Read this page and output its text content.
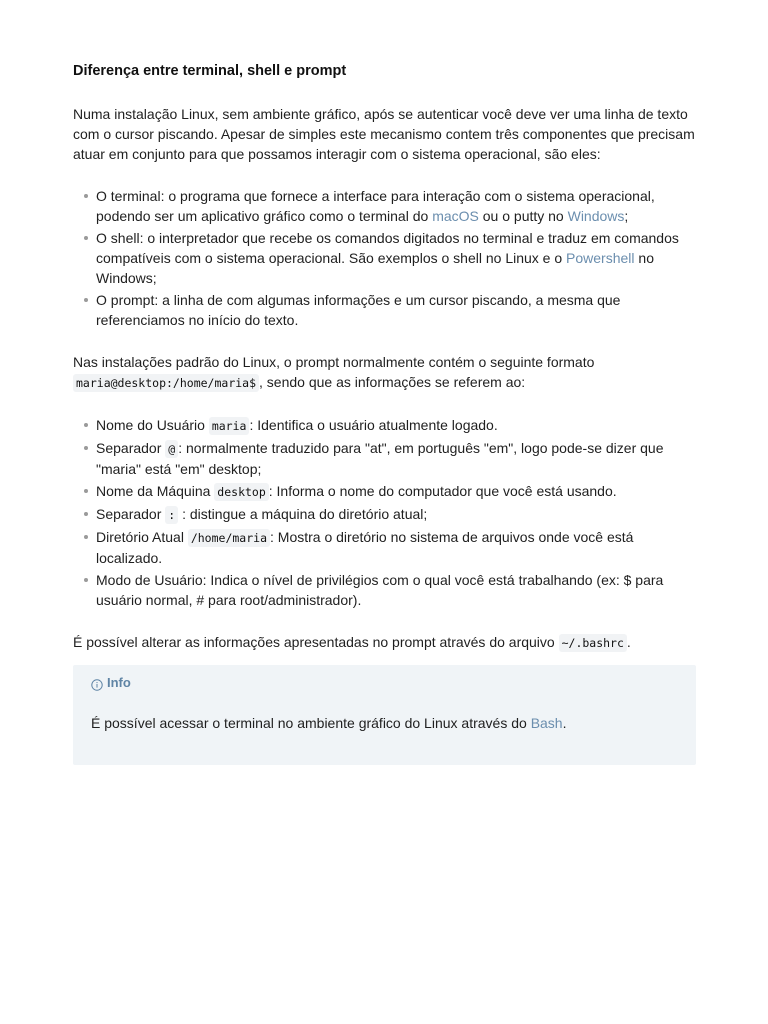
Diferença entre terminal, shell e prompt

Numa instalação Linux, sem ambiente gráfico, após se autenticar você deve ver uma linha de texto com o cursor piscando. Apesar de simples este mecanismo contem três componentes que precisam atuar em conjunto para que possamos interagir com o sistema operacional, são eles:

O terminal: o programa que fornece a interface para interação com o sistema operacional, podendo ser um aplicativo gráfico como o terminal do macOS ou o putty no Windows;
O shell: o interpretador que recebe os comandos digitados no terminal e traduz em comandos compatíveis com o sistema operacional. São exemplos o shell no Linux e o Powershell no Windows;
O prompt: a linha de com algumas informações e um cursor piscando, a mesma que referenciamos no início do texto.

Nas instalações padrão do Linux, o prompt normalmente contém o seguinte formato maria@desktop:/home/maria$ , sendo que as informações se referem ao:

Nome do Usuário maria : Identifica o usuário atualmente logado.
Separador @ : normalmente traduzido para "at", em português "em", logo pode-se dizer que "maria" está "em" desktop;
Nome da Máquina desktop : Informa o nome do computador que você está usando.
Separador : : distingue a máquina do diretório atual;
Diretório Atual /home/maria : Mostra o diretório no sistema de arquivos onde você está localizado.
Modo de Usuário: Indica o nível de privilégios com o qual você está trabalhando (ex: $ para usuário normal, # para root/administrador).

É possível alterar as informações apresentadas no prompt através do arquivo ~/.bashrc .

Info

É possível acessar o terminal no ambiente gráfico do Linux através do Bash.
